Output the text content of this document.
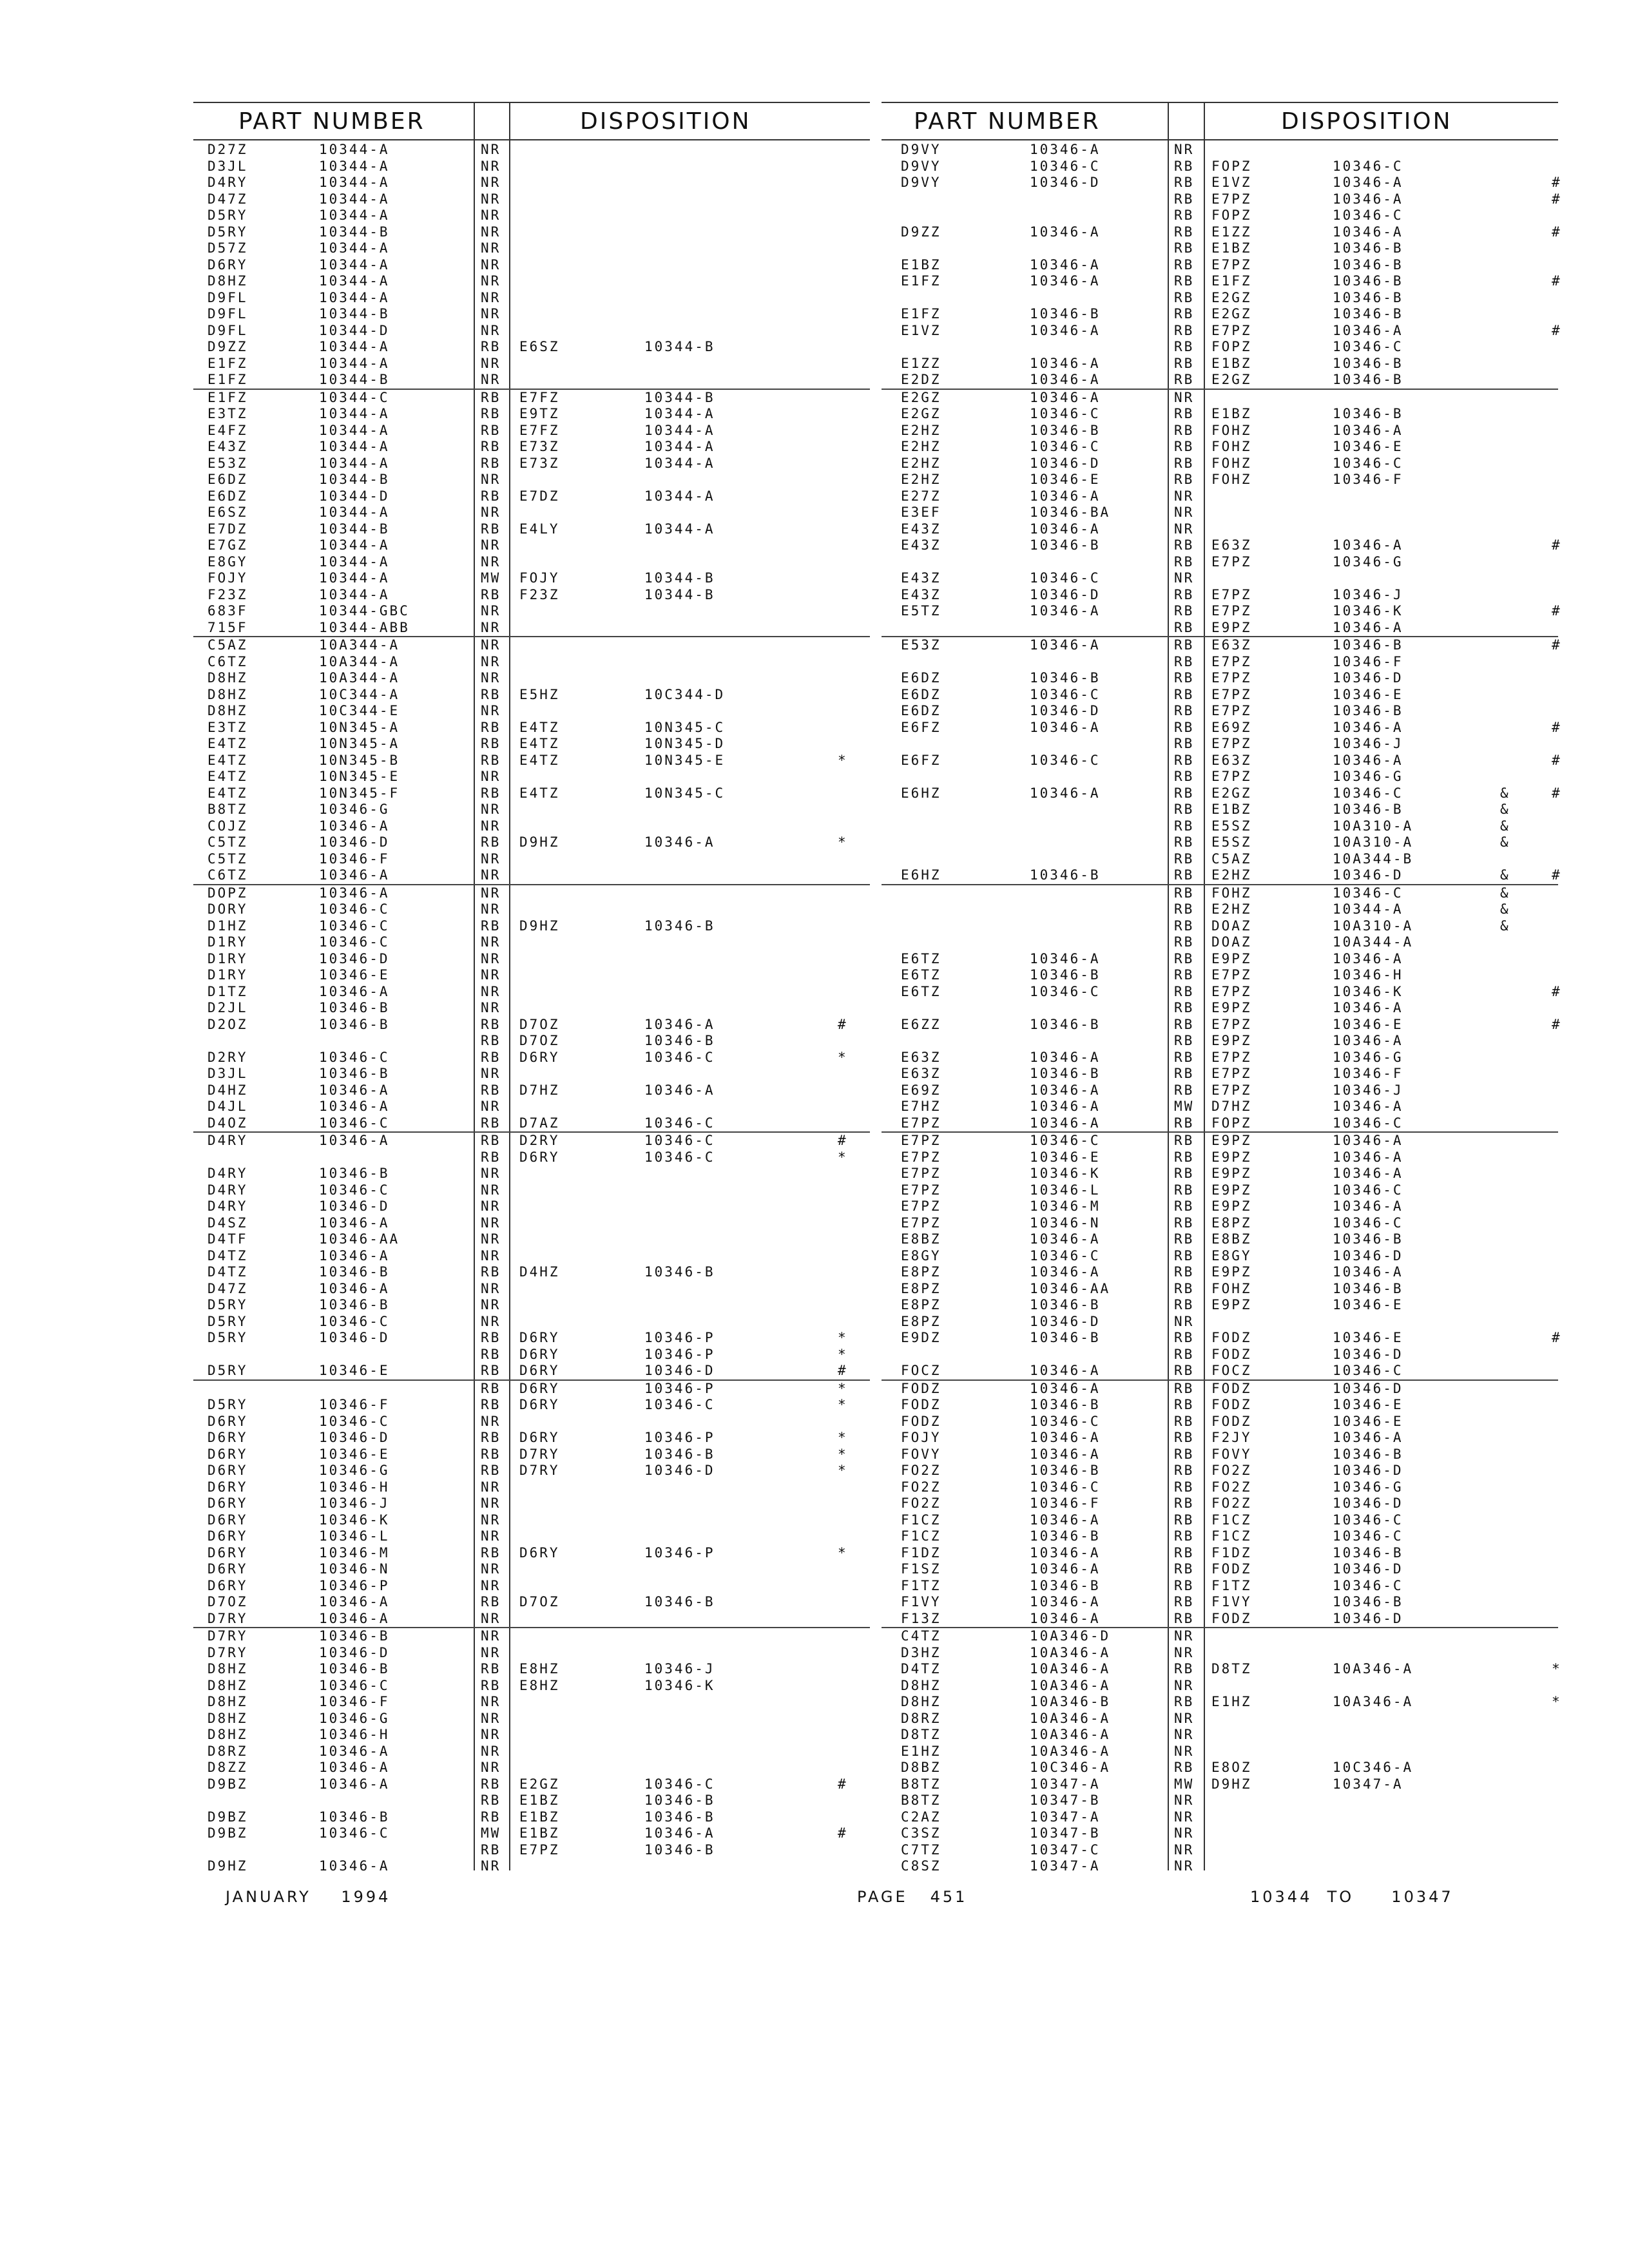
PART NUMBER	DISPOSITION
D27Z	10344-A	NR
D3JL	10344-A	NR
D4RY	10344-A	NR
D47Z	10344-A	NR
D5RY	10344-A	NR
D5RY	10344-B	NR
D57Z	10344-A	NR
D6RY	10344-A	NR
D8HZ	10344-A	NR
D9FL	10344-A	NR
D9FL	10344-B	NR
D9FL	10344-D	NR
D9ZZ	10344-A	RB E6SZ	10344-B
E1FZ	10344-A	NR
E1FZ	10344-B	NR
E1FZ	10344-C	RB E7FZ	10344-B
E3TZ	10344-A	RB E9TZ	10344-A
E4FZ	10344-A	RB E7FZ	10344-A
E43Z	10344-A	RB E73Z	10344-A
E53Z	10344-A	RB E73Z	10344-A
E6DZ	10344-B	NR
E6DZ	10344-D	RB E7DZ	10344-A
E6SZ	10344-A	NR
E7DZ	10344-B	RB E4LY	10344-A
E7GZ	10344-A	NR
E8GY	10344-A	NR
FOJY	10344-A	MW FOJY	10344-B
F23Z	10344-A	RB F23Z	10344-B
683F	10344-GBC	NR
715F	10344-ABB	NR
C5AZ	10A344-A	NR
C6TZ	10A344-A	NR
D8HZ	10A344-A	NR
D8HZ	10C344-A	RB E5HZ	10C344-D
D8HZ	10C344-E	NR
E3TZ	10N345-A	RB E4TZ	10N345-C
E4TZ	10N345-A	RB E4TZ	10N345-D
E4TZ	10N345-B	RB E4TZ	10N345-E	*
E4TZ	10N345-E	NR
E4TZ	10N345-F	RB E4TZ	10N345-C
B8TZ	10346-G	NR
COJZ	10346-A	NR
C5TZ	10346-D	RB D9HZ	10346-A	*
C5TZ	10346-F	NR
C6TZ	10346-A	NR
DOPZ	10346-A	NR
DORY	10346-C	NR
D1HZ	10346-C	RB D9HZ	10346-B
D1RY	10346-C	NR
D1RY	10346-D	NR
D1RY	10346-E	NR
D1TZ	10346-A	NR
D2JL	10346-B	NR
D2OZ	10346-B	RB D7OZ	10346-A	#
RB D7OZ	10346-B
D2RY	10346-C	RB D6RY	10346-C	*
D3JL	10346-B	NR
D4HZ	10346-A	RB D7HZ	10346-A
D4JL	10346-A	NR
D4OZ	10346-C	RB D7AZ	10346-C
D4RY	10346-A	RB D2RY	10346-C	#
RB D6RY	10346-C	*
D4RY	10346-B	NR
D4RY	10346-C	NR
D4RY	10346-D	NR
D4SZ	10346-A	NR
D4TF	10346-AA	NR
D4TZ	10346-A	NR
D4TZ	10346-B	RB D4HZ	10346-B
D47Z	10346-A	NR
D5RY	10346-B	NR
D5RY	10346-C	NR
D5RY	10346-D	RB D6RY	10346-P	*
RB D6RY	10346-P	*
D5RY	10346-E	RB D6RY	10346-D	#
RB D6RY	10346-P	*
D5RY	10346-F	RB D6RY	10346-C	*
D6RY	10346-C	NR
D6RY	10346-D	RB D6RY	10346-P	*
D6RY	10346-E	RB D7RY	10346-B	*
D6RY	10346-G	RB D7RY	10346-D	*
D6RY	10346-H	NR
D6RY	10346-J	NR
D6RY	10346-K	NR
D6RY	10346-L	NR
D6RY	10346-M	RB D6RY	10346-P	*
D6RY	10346-N	NR
D6RY	10346-P	NR
D7OZ	10346-A	RB D7OZ	10346-B
D7RY	10346-A	NR
D7RY	10346-B	NR
D7RY	10346-D	NR
D8HZ	10346-B	RB E8HZ	10346-J
D8HZ	10346-C	RB E8HZ	10346-K
D8HZ	10346-F	NR
D8HZ	10346-G	NR
D8HZ	10346-H	NR
D8RZ	10346-A	NR
D8ZZ	10346-A	NR
D9BZ	10346-A	RB E2GZ	10346-C	#
RB E1BZ	10346-B
D9BZ	10346-B	RB E1BZ	10346-B
D9BZ	10346-C	MW E1BZ	10346-A	#
RB E7PZ	10346-B
D9HZ	10346-A	NR
PART NUMBER	DISPOSITION
D9VY	10346-A	NR
D9VY	10346-C	RB FOPZ	10346-C
D9VY	10346-D	RB E1VZ	10346-A	#
RB E7PZ	10346-A	#
RB FOPZ	10346-C
D9ZZ	10346-A	RB E1ZZ	10346-A	#
RB E1BZ	10346-B
E1BZ	10346-A	RB E7PZ	10346-B
E1FZ	10346-A	RB E1FZ	10346-B	#
RB E2GZ	10346-B
E1FZ	10346-B	RB E2GZ	10346-B
E1VZ	10346-A	RB E7PZ	10346-A	#
RB FOPZ	10346-C
E1ZZ	10346-A	RB E1BZ	10346-B
E2DZ	10346-A	RB E2GZ	10346-B
E2GZ	10346-A	NR
E2GZ	10346-C	RB E1BZ	10346-B
E2HZ	10346-B	RB FOHZ	10346-A
E2HZ	10346-C	RB FOHZ	10346-E
E2HZ	10346-D	RB FOHZ	10346-C
E2HZ	10346-E	RB FOHZ	10346-F
E27Z	10346-A	NR
E3EF	10346-BA	NR
E43Z	10346-A	NR
E43Z	10346-B	RB E63Z	10346-A	#
RB E7PZ	10346-G
E43Z	10346-C	NR
E43Z	10346-D	RB E7PZ	10346-J
E5TZ	10346-A	RB E7PZ	10346-K	#
RB E9PZ	10346-A
E53Z	10346-A	RB E63Z	10346-B	#
RB E7PZ	10346-F
E6DZ	10346-B	RB E7PZ	10346-D
E6DZ	10346-C	RB E7PZ	10346-E
E6DZ	10346-D	RB E7PZ	10346-B
E6FZ	10346-A	RB E69Z	10346-A	#
RB E7PZ	10346-J
E6FZ	10346-C	RB E63Z	10346-A	#
RB E7PZ	10346-G
E6HZ	10346-A	RB E2GZ	10346-C	&	#
RB E1BZ	10346-B	&
RB E5SZ	10A310-A	&
RB E5SZ	10A310-A	&
RB C5AZ	10A344-B
E6HZ	10346-B	RB E2HZ	10346-D	&	#
RB FOHZ	10346-C	&
RB E2HZ	10344-A	&
RB DOAZ	10A310-A	&
RB DOAZ	10A344-A
E6TZ	10346-A	RB E9PZ	10346-A
E6TZ	10346-B	RB E7PZ	10346-H
E6TZ	10346-C	RB E7PZ	10346-K	#
RB E9PZ	10346-A
E6ZZ	10346-B	RB E7PZ	10346-E	#
RB E9PZ	10346-A
E63Z	10346-A	RB E7PZ	10346-G
E63Z	10346-B	RB E7PZ	10346-F
E69Z	10346-A	RB E7PZ	10346-J
E7HZ	10346-A	MW D7HZ	10346-A
E7PZ	10346-A	RB FOPZ	10346-C
E7PZ	10346-C	RB E9PZ	10346-A
E7PZ	10346-E	RB E9PZ	10346-A
E7PZ	10346-K	RB E9PZ	10346-A
E7PZ	10346-L	RB E9PZ	10346-C
E7PZ	10346-M	RB E9PZ	10346-A
E7PZ	10346-N	RB E8PZ	10346-C
E8BZ	10346-A	RB E8BZ	10346-B
E8GY	10346-C	RB E8GY	10346-D
E8PZ	10346-A	RB E9PZ	10346-A
E8PZ	10346-AA	RB FOHZ	10346-B
E8PZ	10346-B	RB E9PZ	10346-E
E8PZ	10346-D	NR
E9DZ	10346-B	RB FODZ	10346-E	#
RB FODZ	10346-D
FOCZ	10346-A	RB FOCZ	10346-C
FODZ	10346-A	RB FODZ	10346-D
FODZ	10346-B	RB FODZ	10346-E
FODZ	10346-C	RB FODZ	10346-E
FOJY	10346-A	RB F2JY	10346-A
FOVY	10346-A	RB FOVY	10346-B
FO2Z	10346-B	RB FO2Z	10346-D
FO2Z	10346-C	RB FO2Z	10346-G
FO2Z	10346-F	RB FO2Z	10346-D
F1CZ	10346-A	RB F1CZ	10346-C
F1CZ	10346-B	RB F1CZ	10346-C
F1DZ	10346-A	RB F1DZ	10346-B
F1SZ	10346-A	RB FODZ	10346-D
F1TZ	10346-B	RB F1TZ	10346-C
F1VY	10346-A	RB F1VY	10346-B
F13Z	10346-A	RB FODZ	10346-D
C4TZ	10A346-D	NR
D3HZ	10A346-A	NR
D4TZ	10A346-A	RB D8TZ	10A346-A	*
D8HZ	10A346-A	NR
D8HZ	10A346-B	RB E1HZ	10A346-A	*
D8RZ	10A346-A	NR
D8TZ	10A346-A	NR
E1HZ	10A346-A	NR
D8BZ	10C346-A	RB E8OZ	10C346-A
B8TZ	10347-A	MW D9HZ	10347-A
B8TZ	10347-B	NR
C2AZ	10347-A	NR
C3SZ	10347-B	NR
C7TZ	10347-C	NR
C8SZ	10347-A	NR
JANUARY    1994	PAGE   451	10344  TO     10347
